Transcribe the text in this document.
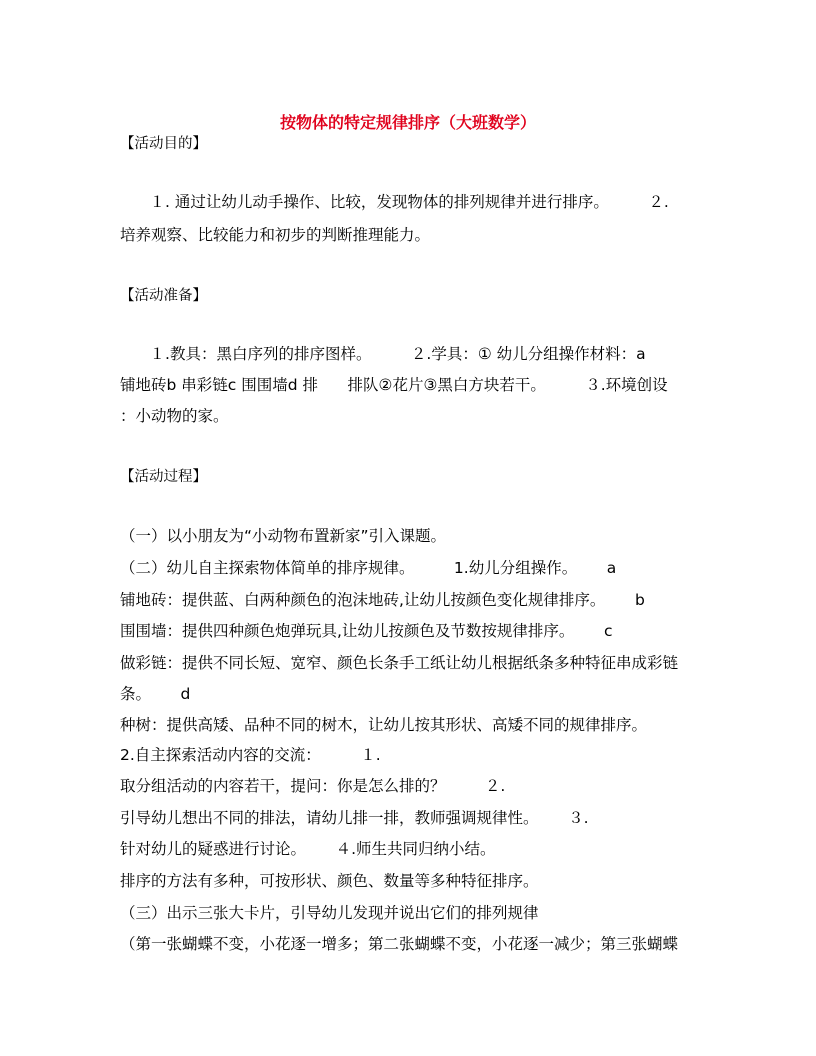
按物体的特定规律排序（大班数学）
【活动目的】
１. 通过让幼儿动手操作、比较，发现物体的排列规律并进行排序。        ２.
培养观察、比较能力和初步的判断推理能力。
【活动准备】
１.教具：黑白序列的排序图样。        ２.学具：① 幼儿分组操作材料：a
铺地砖b 串彩链c 围围墙d 排      排队②花片③黑白方块若干。        ３.环境创设
：小动物的家。
【活动过程】
（一）以小朋友为“小动物布置新家”引入课题。
（二）幼儿自主探索物体简单的排序规律。        1.幼儿分组操作。      a
铺地砖：提供蓝、白两种颜色的泡沫地砖,让幼儿按颜色变化规律排序。      b
围围墙：提供四种颜色炮弹玩具,让幼儿按颜色及节数按规律排序。      c
做彩链：提供不同长短、宽窄、颜色长条手工纸让幼儿根据纸条多种特征串成彩链
条。      d
种树：提供高矮、品种不同的树木，让幼儿按其形状、高矮不同的规律排序。
2.自主探索活动内容的交流：        １.
取分组活动的内容若干，提问：你是怎么排的？        ２.
引导幼儿想出不同的排法，请幼儿排一排，教师强调规律性。      ３.
针对幼儿的疑惑进行讨论。      ４.师生共同归纳小结。
排序的方法有多种，可按形状、颜色、数量等多种特征排序。
（三）出示三张大卡片，引导幼儿发现并说出它们的排列规律
（第一张蝴蝶不变，小花逐一增多；第二张蝴蝶不变，小花逐一减少；第三张蝴蝶
